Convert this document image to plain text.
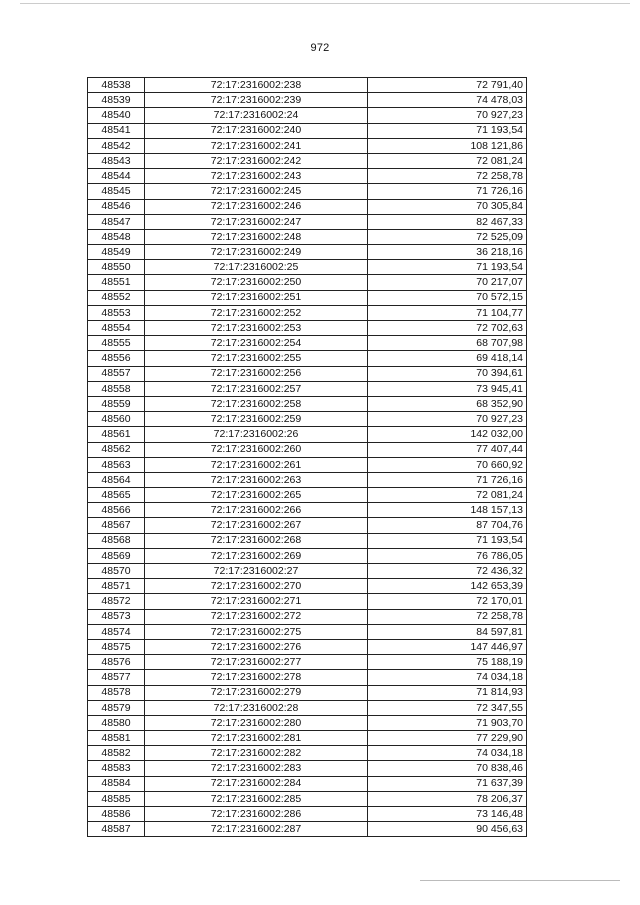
972
48538	72:17:2316002:238	72 791,40
48539	72:17:2316002:239	74 478,03
48540	72:17:2316002:24	70 927,23
48541	72:17:2316002:240	71 193,54
48542	72:17:2316002:241	108 121,86
48543	72:17:2316002:242	72 081,24
48544	72:17:2316002:243	72 258,78
48545	72:17:2316002:245	71 726,16
48546	72:17:2316002:246	70 305,84
48547	72:17:2316002:247	82 467,33
48548	72:17:2316002:248	72 525,09
48549	72:17:2316002:249	36 218,16
48550	72:17:2316002:25	71 193,54
48551	72:17:2316002:250	70 217,07
48552	72:17:2316002:251	70 572,15
48553	72:17:2316002:252	71 104,77
48554	72:17:2316002:253	72 702,63
48555	72:17:2316002:254	68 707,98
48556	72:17:2316002:255	69 418,14
48557	72:17:2316002:256	70 394,61
48558	72:17:2316002:257	73 945,41
48559	72:17:2316002:258	68 352,90
48560	72:17:2316002:259	70 927,23
48561	72:17:2316002:26	142 032,00
48562	72:17:2316002:260	77 407,44
48563	72:17:2316002:261	70 660,92
48564	72:17:2316002:263	71 726,16
48565	72:17:2316002:265	72 081,24
48566	72:17:2316002:266	148 157,13
48567	72:17:2316002:267	87 704,76
48568	72:17:2316002:268	71 193,54
48569	72:17:2316002:269	76 786,05
48570	72:17:2316002:27	72 436,32
48571	72:17:2316002:270	142 653,39
48572	72:17:2316002:271	72 170,01
48573	72:17:2316002:272	72 258,78
48574	72:17:2316002:275	84 597,81
48575	72:17:2316002:276	147 446,97
48576	72:17:2316002:277	75 188,19
48577	72:17:2316002:278	74 034,18
48578	72:17:2316002:279	71 814,93
48579	72:17:2316002:28	72 347,55
48580	72:17:2316002:280	71 903,70
48581	72:17:2316002:281	77 229,90
48582	72:17:2316002:282	74 034,18
48583	72:17:2316002:283	70 838,46
48584	72:17:2316002:284	71 637,39
48585	72:17:2316002:285	78 206,37
48586	72:17:2316002:286	73 146,48
48587	72:17:2316002:287	90 456,63
